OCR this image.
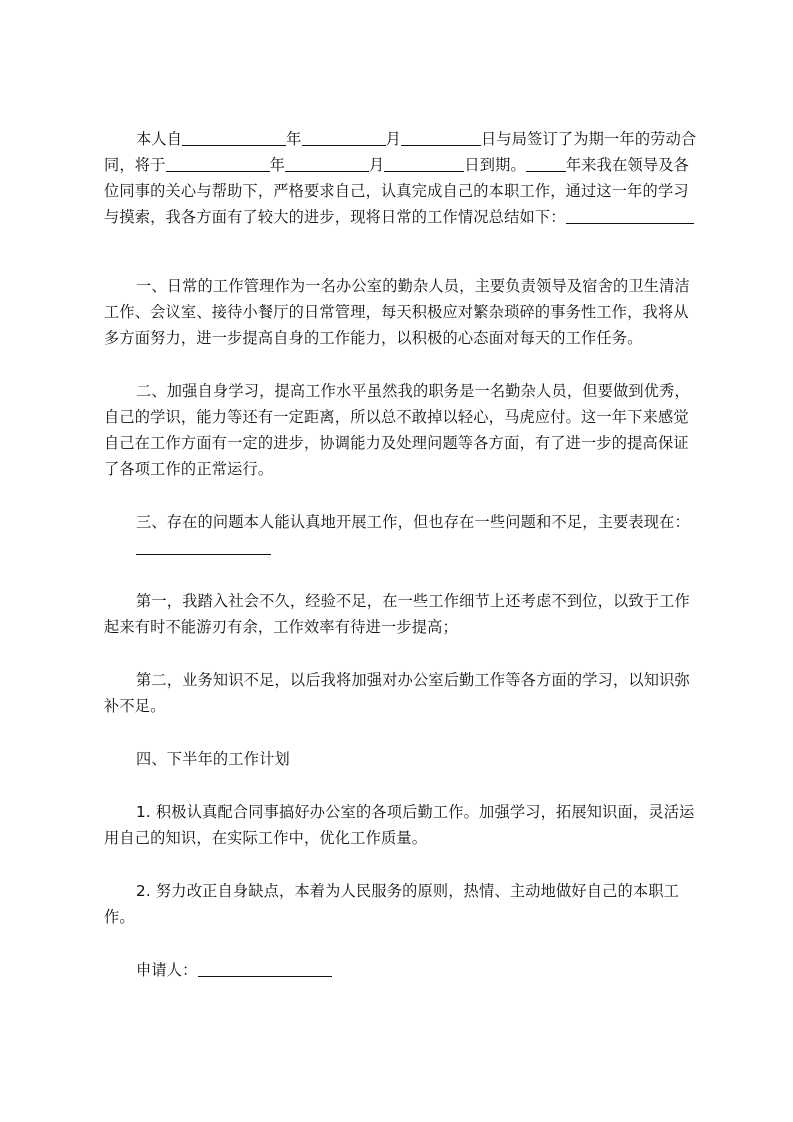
本人自	年	月	日与局签订了为期一年的劳动合同，将于	年	月	日到期。	年来我在领导及各位同事的关心与帮助下，严格要求自己，认真完成自己的本职工作，通过这一年的学习与摸索，我各方面有了较大的进步，现将日常的工作情况总结如下：

一、日常的工作管理作为一名办公室的勤杂人员，主要负责领导及宿舍的卫生清洁工作、会议室、接待小餐厅的日常管理，每天积极应对繁杂琐碎的事务性工作，我将从多方面努力，进一步提高自身的工作能力，以积极的心态面对每天的工作任务。

二、加强自身学习，提高工作水平虽然我的职务是一名勤杂人员，但要做到优秀，自己的学识，能力等还有一定距离，所以总不敢掉以轻心，马虎应付。这一年下来感觉自己在工作方面有一定的进步，协调能力及处理问题等各方面，有了进一步的提高保证了各项工作的正常运行。

三、存在的问题本人能认真地开展工作，但也存在一些问题和不足，主要表现在：

第一，我踏入社会不久，经验不足，在一些工作细节上还考虑不到位，以致于工作起来有时不能游刃有余，工作效率有待进一步提高；

第二，业务知识不足，以后我将加强对办公室后勤工作等各方面的学习，以知识弥补不足。

四、下半年的工作计划

1. 积极认真配合同事搞好办公室的各项后勤工作。加强学习，拓展知识面，灵活运用自己的知识，在实际工作中，优化工作质量。

2. 努力改正自身缺点，本着为人民服务的原则，热情、主动地做好自己的本职工作。

申请人：
